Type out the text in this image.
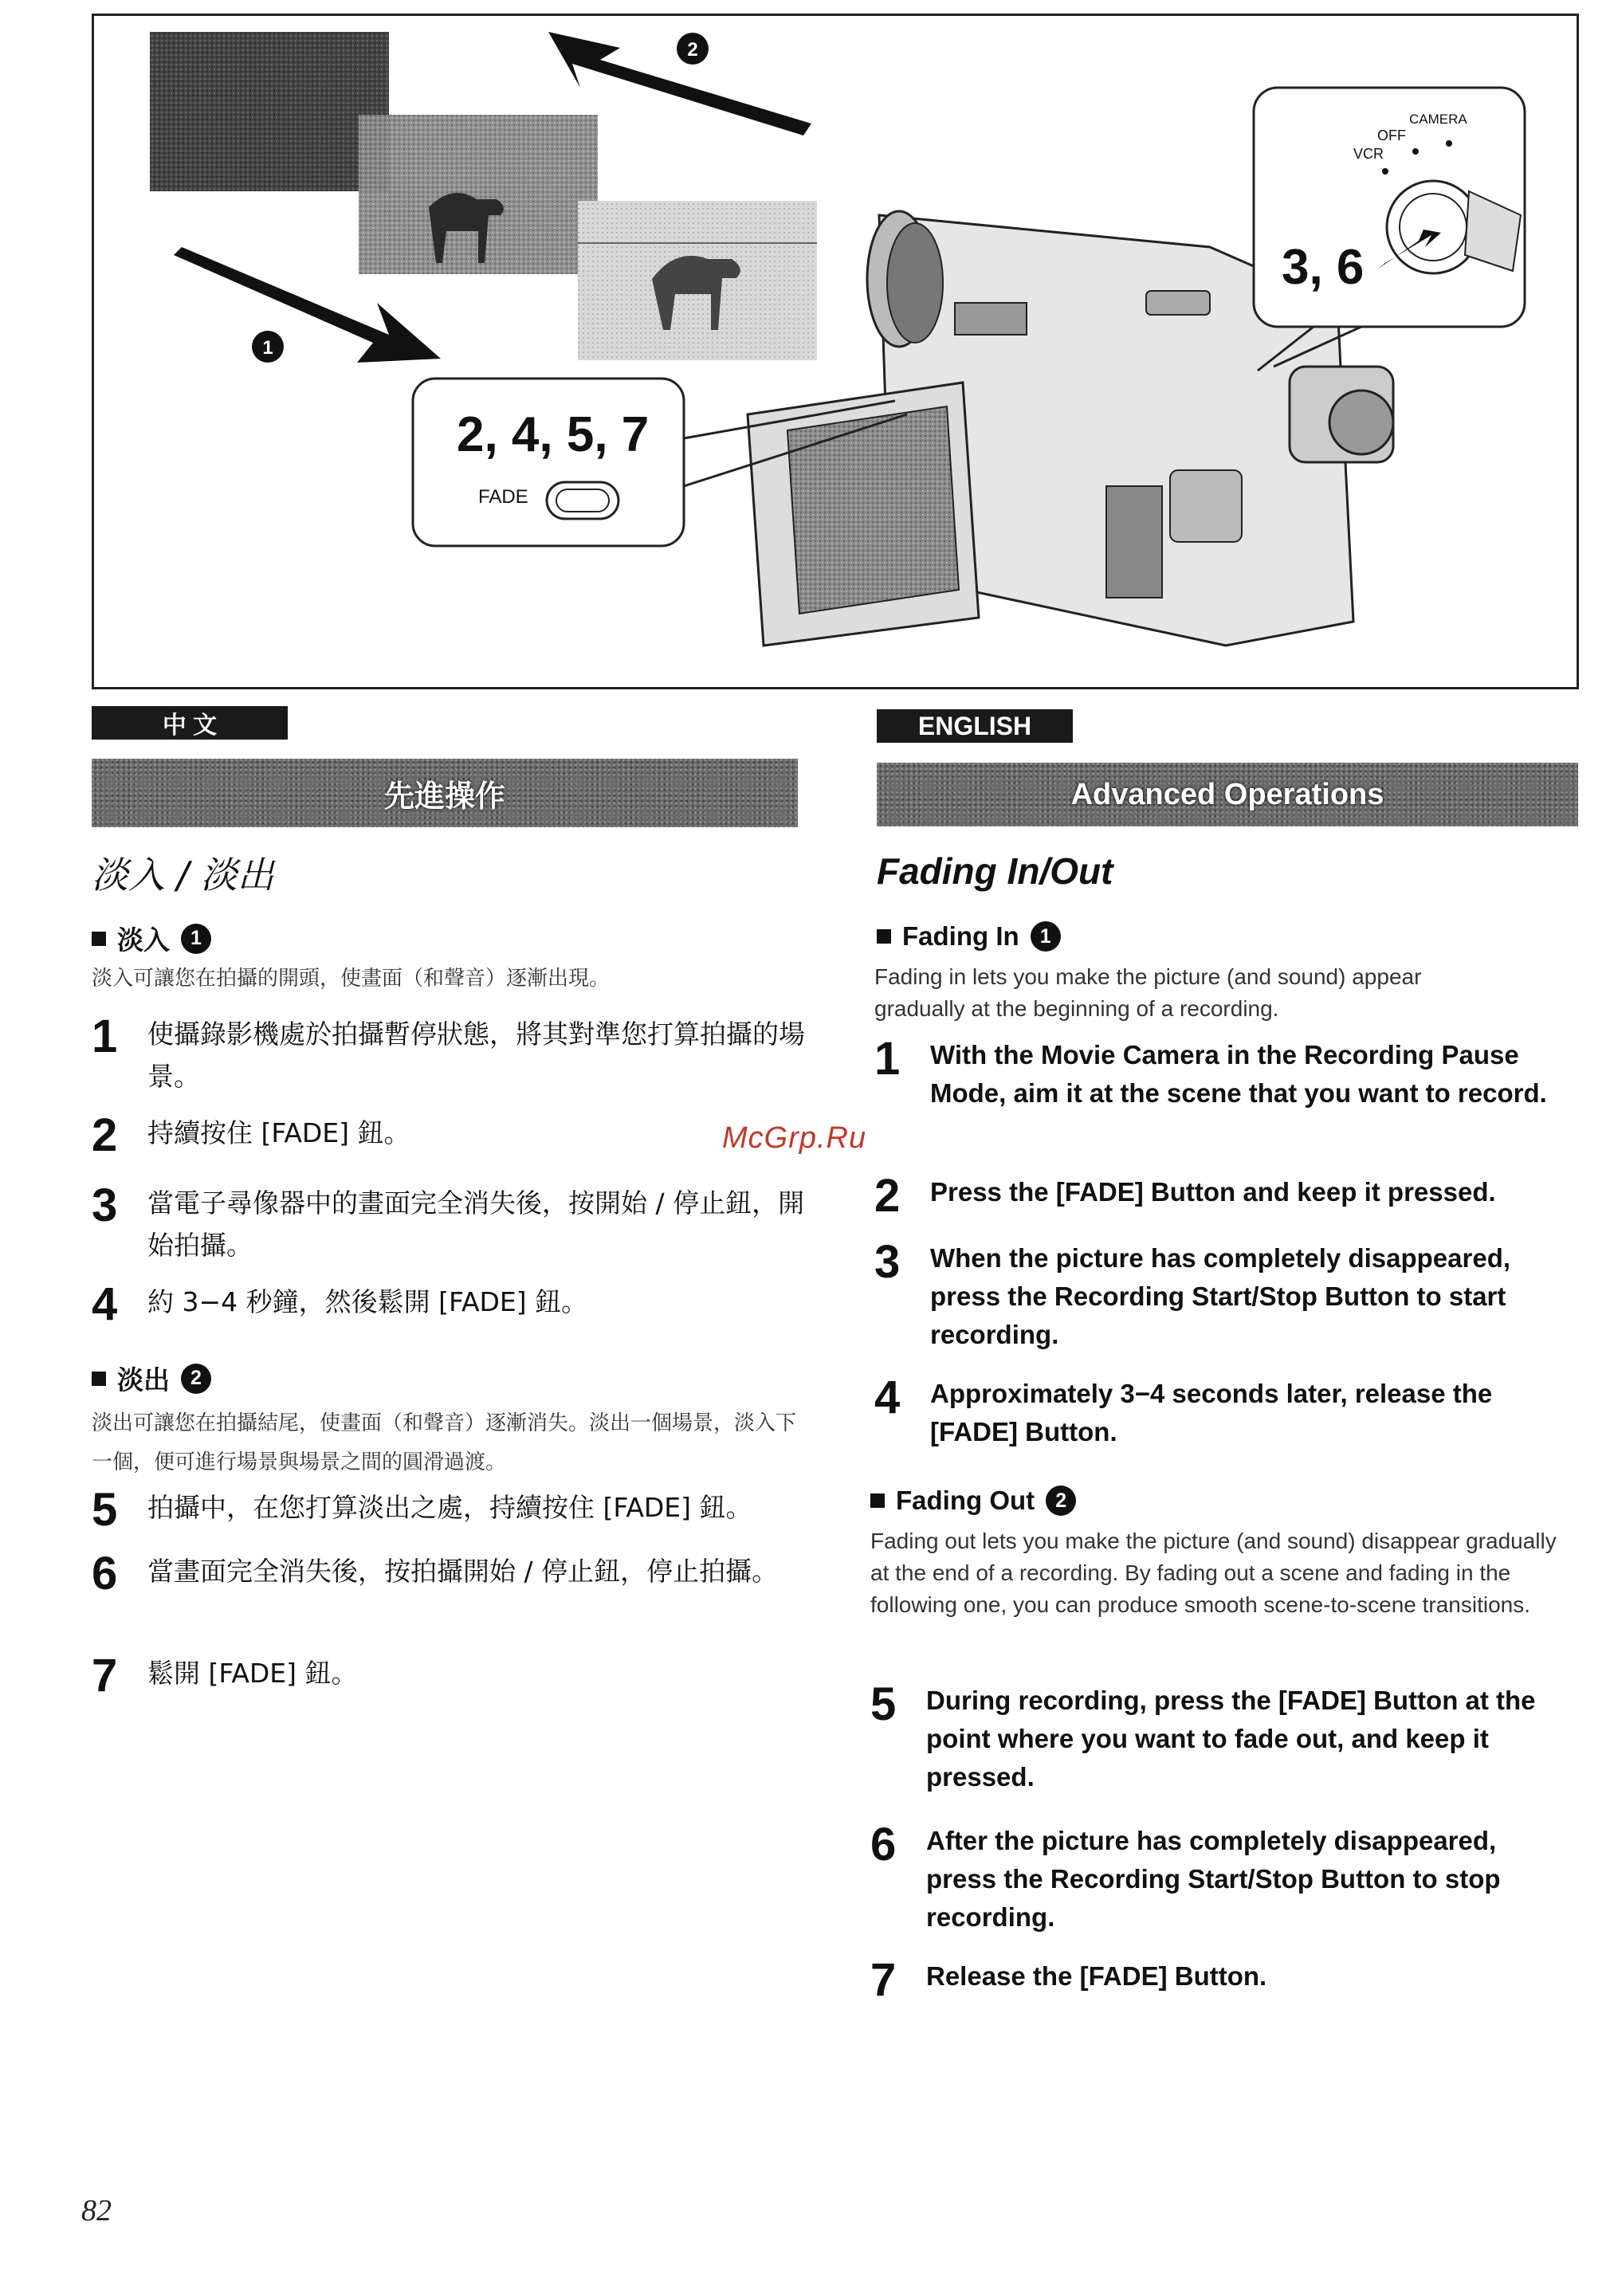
1
2
2, 4, 5, 7
FADE
3, 6
CAMERA
OFF
VCR
中 文
先進操作
淡入 / 淡出
淡入	1
淡入可讓您在拍攝的開頭，使畫面（和聲音）逐漸出現。
1	使攝錄影機處於拍攝暫停狀態，將其對準您打算拍攝的場景。
2	持續按住 [FADE] 鈕。
3	當電子尋像器中的畫面完全消失後，按開始 / 停止鈕，開始拍攝。
4	約 3−4 秒鐘，然後鬆開 [FADE] 鈕。
淡出	2
淡出可讓您在拍攝結尾，使畫面（和聲音）逐漸消失。淡出一個場景，淡入下一個，便可進行場景與場景之間的圓滑過渡。
5	拍攝中，在您打算淡出之處，持續按住 [FADE] 鈕。
6	當畫面完全消失後，按拍攝開始 / 停止鈕，停止拍攝。
7	鬆開 [FADE] 鈕。
ENGLISH
Advanced Operations
Fading In/Out
Fading In	1
Fading in lets you make the picture (and sound) appear gradually at the beginning of a recording.
1	With the Movie Camera in the Recording Pause Mode, aim it at the scene that you want to record.
2	Press the [FADE] Button and keep it pressed.
3	When the picture has completely disappeared, press the Recording Start/Stop Button to start recording.
4	Approximately 3−4 seconds later, release the [FADE] Button.
Fading Out	2
Fading out lets you make the picture (and sound) disappear gradually at the end of a recording. By fading out a scene and fading in the following one, you can produce smooth scene-to-scene transitions.
5	During recording, press the [FADE] Button at the point where you want to fade out, and keep it pressed.
6	After the picture has completely disappeared, press the Recording Start/Stop Button to stop recording.
7	Release the [FADE] Button.
McGrp.Ru
82
